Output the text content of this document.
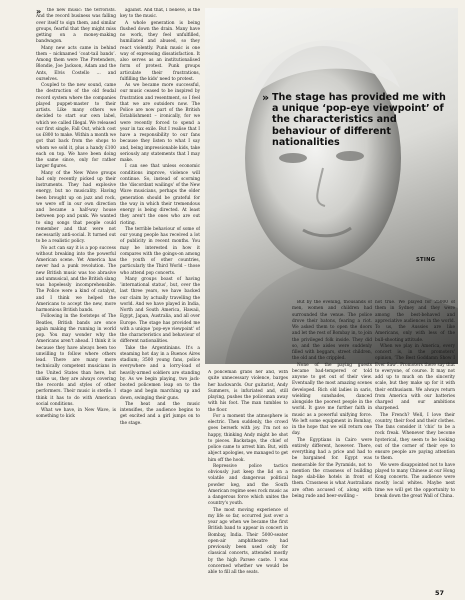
»	the new music: the terrorists. And the record business was falling over itself to sign them, and similar groups, fearful that they might miss getting on a money-making bandwagon.

Many new acts came in behind them – nicknamed ‘coat-tail bands’. Among them were The Pretenders, Blondie, Joe Jackson, Adam and the Ants, Elvis Costello … and ourselves.

Coupled to the new sound, came the destruction of the old feudal record system where the companies played puppet-master to their artists. Like many others we decided to start our own label, which we called Illegal. We released our first single, Fall Out, which cost us £800 to make. Within a month we got that back from the shops to whom we sold it, plus a handy £100 each on top. We have been doing the same since, only for rather larger figures.

Many of the New Wave groups had only recently picked up their instruments. They had explosive energy, but no musicality. Having been brought up on jazz and rock, we were off in our own direction and became a half-way house between pop and punk. We wanted to sing songs that people could remember and that were not necessarily anti-social. It turned out to be a realistic policy.

No act can say it is a pop success without breaking into the powerful American scene. Yet America has never had a punk revolution. The new British music was too abrasive and unmusical, and the British slang was hopelessly incomprehensible. The Police were a kind of catalyst, and I think we helped the Americans to accept the new, more harmonious British bands.

Following in the footsteps of The Beatles, British bands are once again making the running in world pop. You may wonder why the Americans aren't ahead. I think it is because they have always been too unwilling to follow where others lead. There are many more technically competent musicians in the United States than here, but unlike us, they are always covering the records and styles of other performers. Their music is sterile. I think it has to do with American social conditions.

What we have, in New Wave, is something to kick

against. And that, I believe, is the key to the music.

A whole generation is being flushed down the drain. Many have no work, they feel unfulfilled, humiliated and abused, so they react violently. Punk music is one way of expressing dissatisfaction. It also serves as an institutionalised form of protest. Punk groups articulate their frustrations, fulfilling the kids' need to protest.

As we became more successful, our music ceased to be inspired by frustration and resentment, so I feel that we are outsiders now. The Police are now part of the British Establishment – ironically, for we were recently forced to spend a year in tax exile. But I realise that I have a responsibility to our fans because they listen to what I say and, being impressionable kids, take seriously any statements that I may make.

I can see that unless economic conditions improve, violence will continue. So, instead of scorning the ‘discordant wailings’ of the New Wave musicians, perhaps the older generation should be grateful for the way in which their tremendous energy is being directed. At least they aren't the ones who are out rioting.

The terrible behaviour of some of our young people has received a lot of publicity in recent months. You may be interested in how it compares with the goings-on among the youth of other countries, particularly the Third World – those who attend pop concerts.

Many groups boast of having ‘international status’, but, over the last three years, we have backed our claim by actually travelling the world. And we have played in India, North and South America, Hawaii, Egypt, Japan, Australia, and all over Europe. The stage has provided me with a unique ‘pop-eye viewpoint’ of the characteristics and behaviour of different nationalities.

Take the Argentinians. It's a steaming hot day in a Buenos Aires stadium; 3500 young fans, police everywhere and a lorry-load of heavily-armed soldiers are standing by. As we begin playing, two jack-booted policemen leap on to the stage and begin marching up and down, swinging their guns.

The heat and the music intensifies, the audience begins to get excited and a girl jumps on to the stage.

» The stage has provided me with a unique ‘pop-eye viewpoint’ of the characteristics and behaviour of different nationalities
STING

A policeman grabs her and, with quite unnecessary violence, barges her backwards. Our guitarist, Andy Summers, is infuriated and, still playing, pushes the policeman away with his foot. The man tumbles to the floor.

For a moment the atmosphere is electric. Then suddenly, the crowd goes berserk with joy. I'm not so happy, thinking Andy might be shot to pieces. Backstage, the chief of police came to arrest him. But, with abject apologies, we managed to get him off the hook.

Repressive police tactics obviously just keep the lid on a volatile and dangerous political powder keg, and the South American regime sees rock music as a dangerous force which unites the country's youth.

The most moving experience of my life so far, occurred just over a year ago when we became the first British band to appear in concert in Bombay, India. Their 5000-seater open-air amphitheatre had previously been used only for classical concerts, attended mostly by the high Parsee caste. I was concerned whether we would be able to fill all the seats.

But by the evening, thousands of men, women and children had surrounded the venue. The police drove their batons, fearing a riot. We asked them to open the doors and let the rest of Bombay in, to join the privileged folk inside. They did so, and the aisles were suddenly filled with beggars, street children, the old and the crippled.

None of the paying guests became bad-tempered or told anyone to get out of their view. Eventually the most amazing scenes developed. Rich old ladies in saris, wielding sunshades, danced alongside the poorest people in the world. It gave me further faith in music as a powerful unifying force. We left some equipment in Bombay, in the hope that we will return one day.

The Egyptians in Cairo were entirely different, however. There, everything had a price and had to be bargained for. Egypt was memorable for the Pyramids, not to mention the crassness of building huge slab-like hotels in front of them. Crassness is what Australians are often accused of, along with being rude and beer-swilling –

not true. We played for 25000 of them in Sydney and they were among the best-behaved and appreciative audiences in the world. To us, the Aussies are like Americans, only with less of the bull-shooting attitude.

When we play in America, every concert is, in the promoters' opinion, ‘The Best Goddamn Show I Ever Saw’. Promoters there say that to everyone, of course. It may not add up to much on the sincerity scale, but they make up for it with their enthusiasm. We always return from America with our batteries charged and our ambitions sharpened.

The French? Well, I love their country, their food and their clothes. The fans consider it ‘chic’ to be a rock freak. Whenever they become hysterical, they seem to be looking out of the corner of their eye to ensure people are paying attention to them.

We were disappointed not to have played to many Chinese at our Hong Kong concerts. The audience were mostly local whites. Maybe next time we will get the opportunity to break down the great Wall of China.

57
